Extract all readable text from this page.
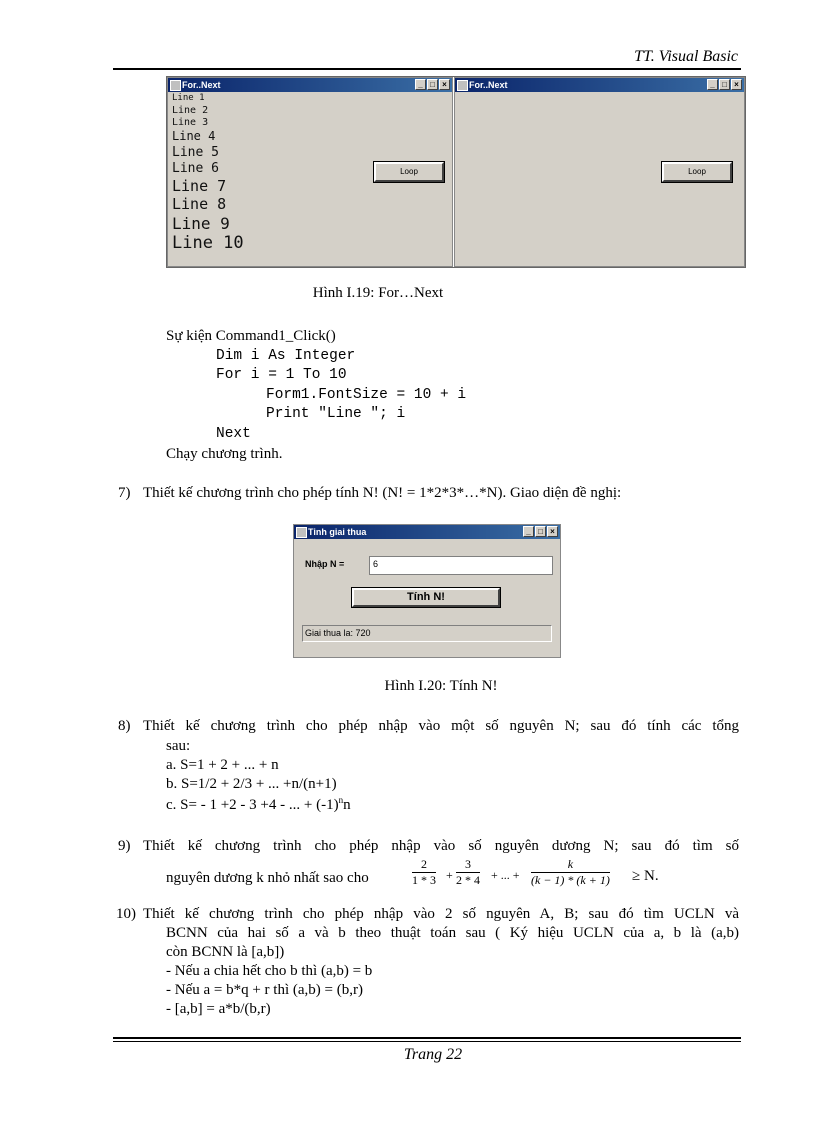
TT. Visual Basic
For..Next	_ □ ×
Line 1
Line 2
Line 3
Line 4
Line 5
Line 6
Line 7
Line 8
Line 9
Line 10
Loop
For..Next	_ □ ×
Loop
Hình I.19: For…Next
Sự kiện Command1_Click()
Dim i As Integer
For i = 1 To 10
Form1.FontSize = 10 + i
Print "Line "; i
Next
Chạy chương trình.
7) Thiết kế chương trình cho phép tính N! (N! = 1*2*3*…*N). Giao diện đề nghị:
Tinh giai thua	_ □ ×
Nhập N =	6
Tính N!
Giai thua la: 720
Hình I.20: Tính N!
8) Thiết kế chương trình cho phép nhập vào một số nguyên N; sau đó tính các tổng
sau:
a. S=1 + 2 + ... + n
b. S=1/2 + 2/3 + ... +n/(n+1)
c. S= - 1 +2 - 3 +4 - ... + $(-1)^nn$
9) Thiết kế chương trình cho phép nhập vào số nguyên dương N; sau đó tìm số
nguyên dương k nhỏ nhất sao cho	$\frac{2}{1 * 3} + \frac{3}{2 * 4}$ + ... + $\frac{k}{(k - 1) * (k + 1)} \ge N$.
10) Thiết kế chương trình cho phép nhập vào 2 số nguyên A, B; sau đó tìm UCLN và
BCNN của hai số a và b theo thuật toán sau ( Ký hiệu UCLN của a, b là (a,b)
còn BCNN là [a,b])
- Nếu a chia hết cho b thì (a,b) = b
- Nếu a = b*q + r thì (a,b) = (b,r)
- [a,b] = a*b/(b,r)
Trang 22
